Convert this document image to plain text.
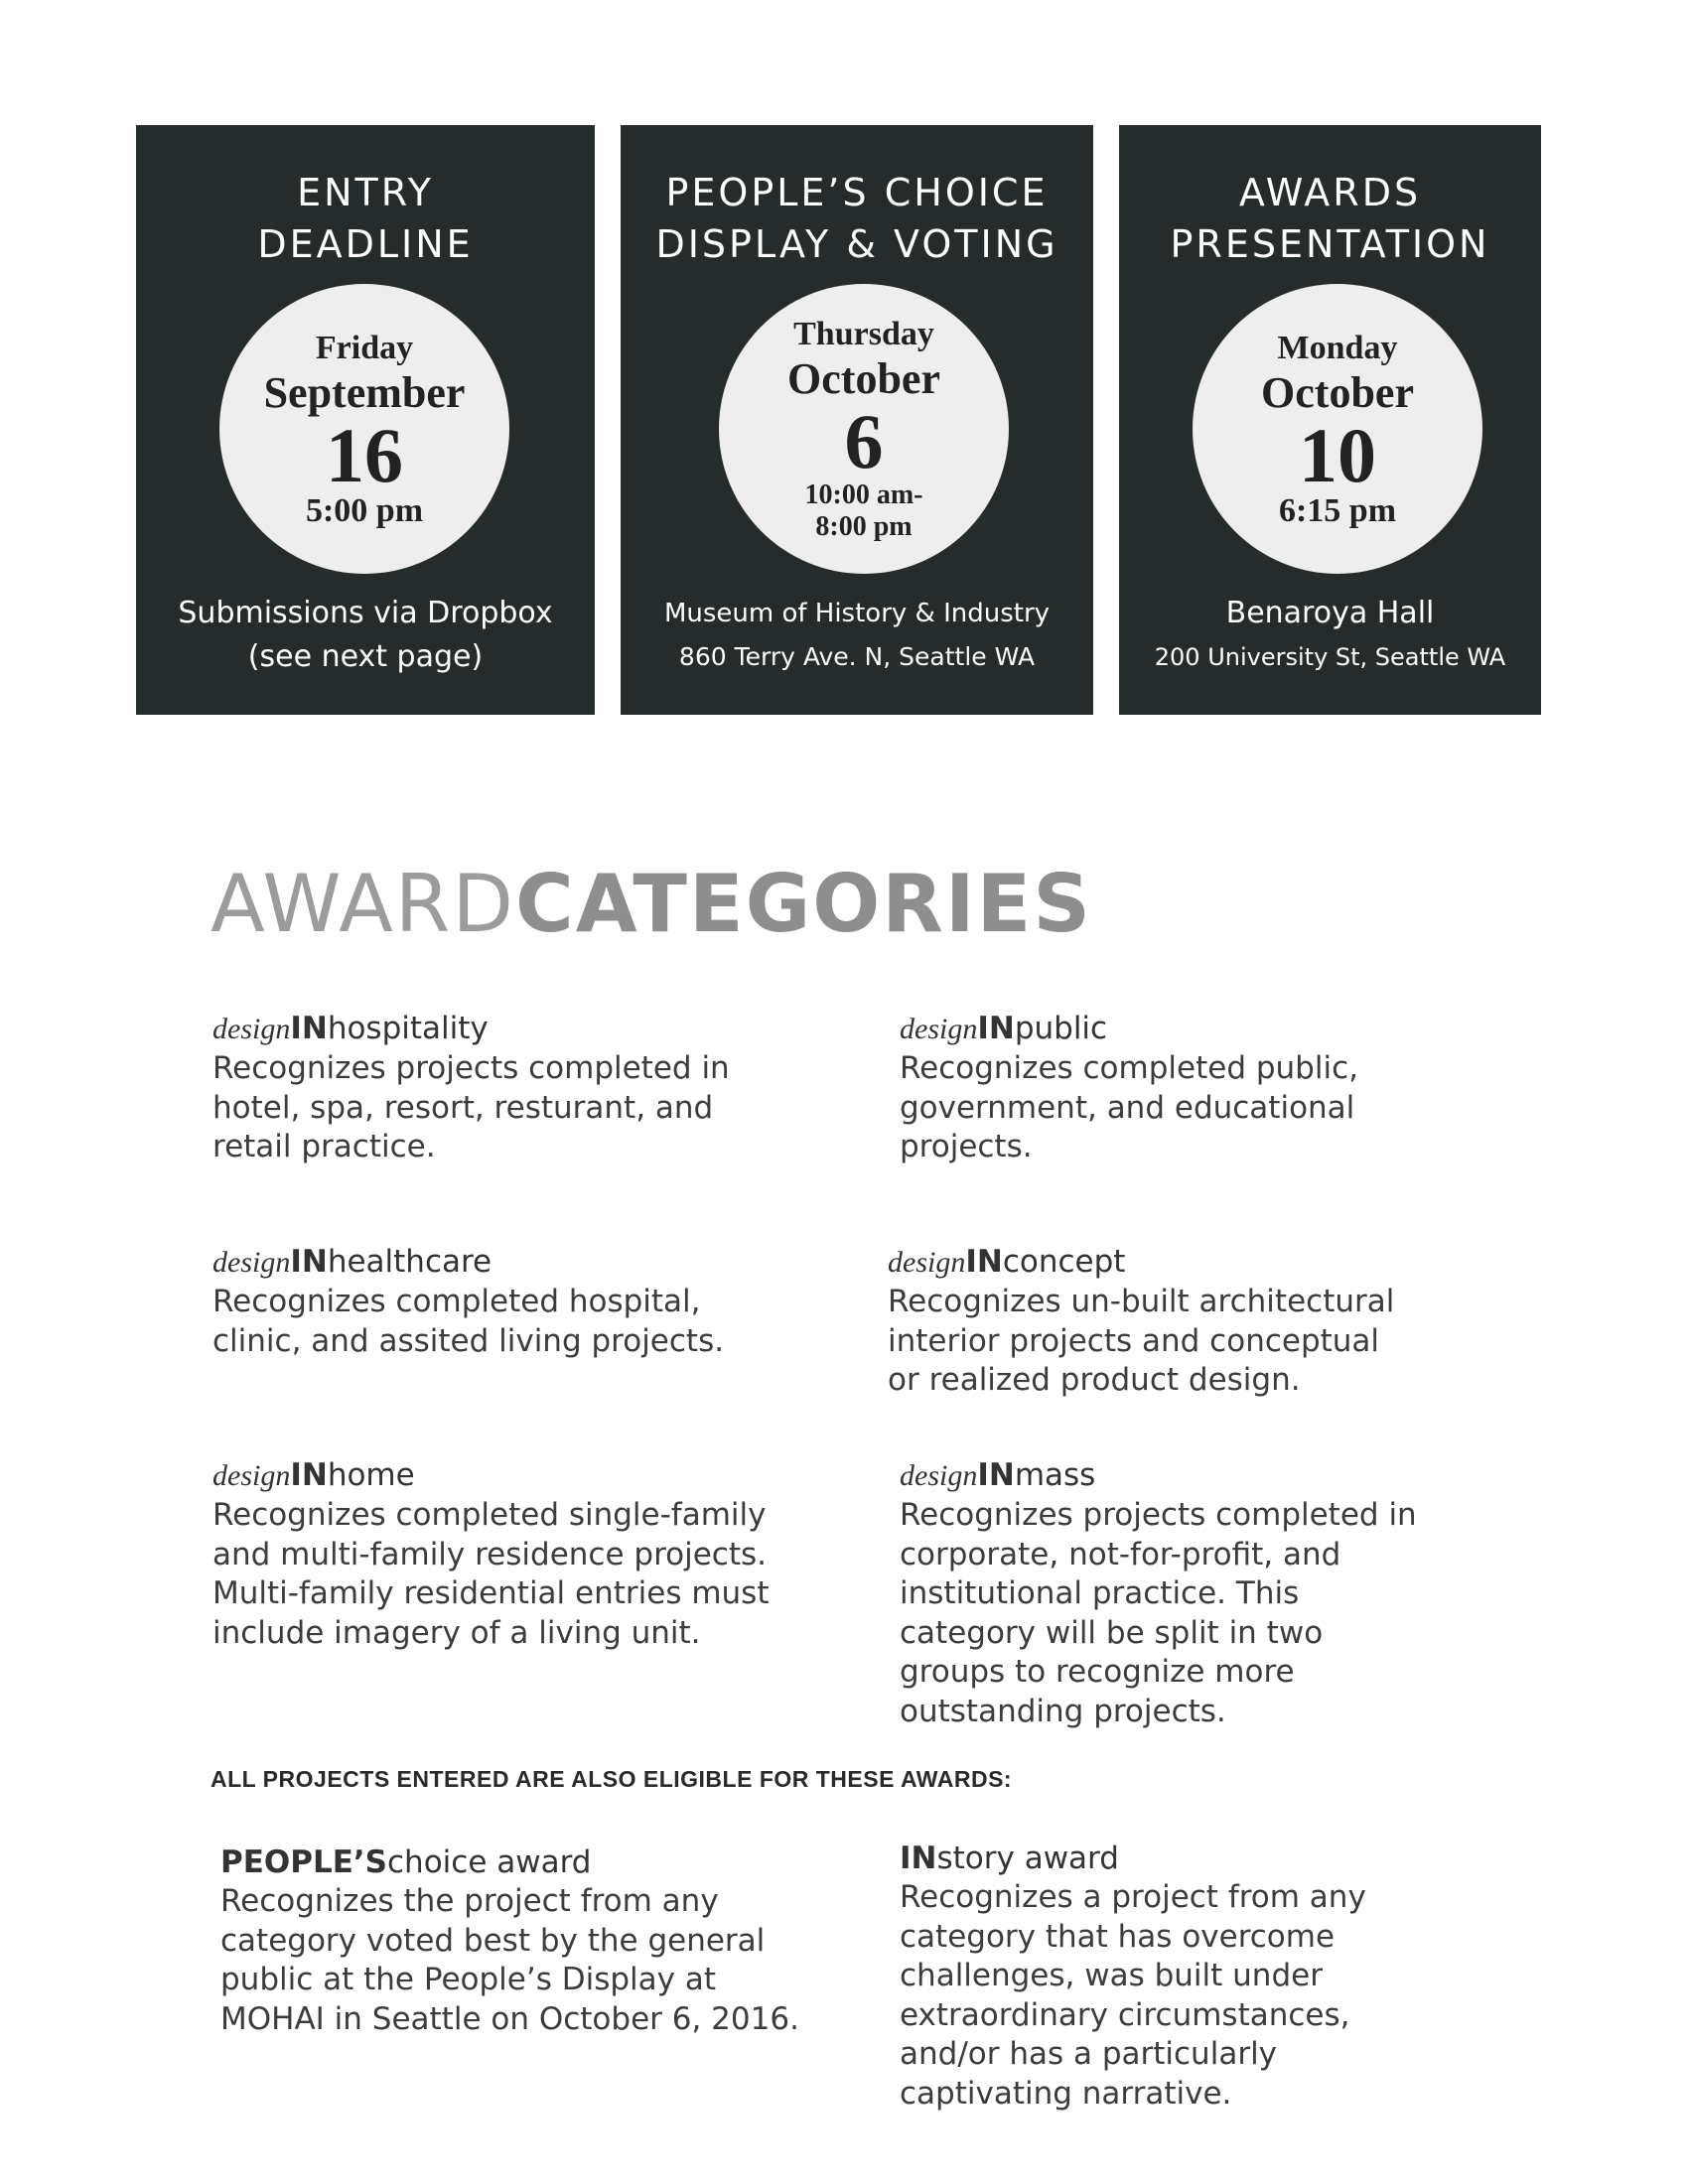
ENTRY
DEADLINE
Friday
September
16
5:00 pm
Submissions via Dropbox
(see next page)
PEOPLE’S CHOICE
DISPLAY & VOTING
Thursday
October
6
10:00 am-
8:00 pm
Museum of History & Industry
860 Terry Ave. N, Seattle WA
AWARDS
PRESENTATION
Monday
October
10
6:15 pm
Benaroya Hall
200 University St, Seattle WA
AWARDCATEGORIES
designINhospitality
Recognizes projects completed in
hotel, spa, resort, resturant, and
retail practice.
designINpublic
Recognizes completed public,
government, and educational
projects.
designINhealthcare
Recognizes completed hospital,
clinic, and assited living projects.
designINconcept
Recognizes un-built architectural
interior projects and conceptual
or realized product design.
designINhome
Recognizes completed single-family
and multi-family residence projects.
Multi-family residential entries must
include imagery of a living unit.
designINmass
Recognizes projects completed in
corporate, not-for-profit, and
institutional practice. This
category will be split in two
groups to recognize more
outstanding projects.
ALL PROJECTS ENTERED ARE ALSO ELIGIBLE FOR THESE AWARDS:
PEOPLE’Schoice award
Recognizes the project from any
category voted best by the general
public at the People’s Display at
MOHAI in Seattle on October 6, 2016.
INstory award
Recognizes a project from any
category that has overcome
challenges, was built under
extraordinary circumstances,
and/or has a particularly
captivating narrative.
